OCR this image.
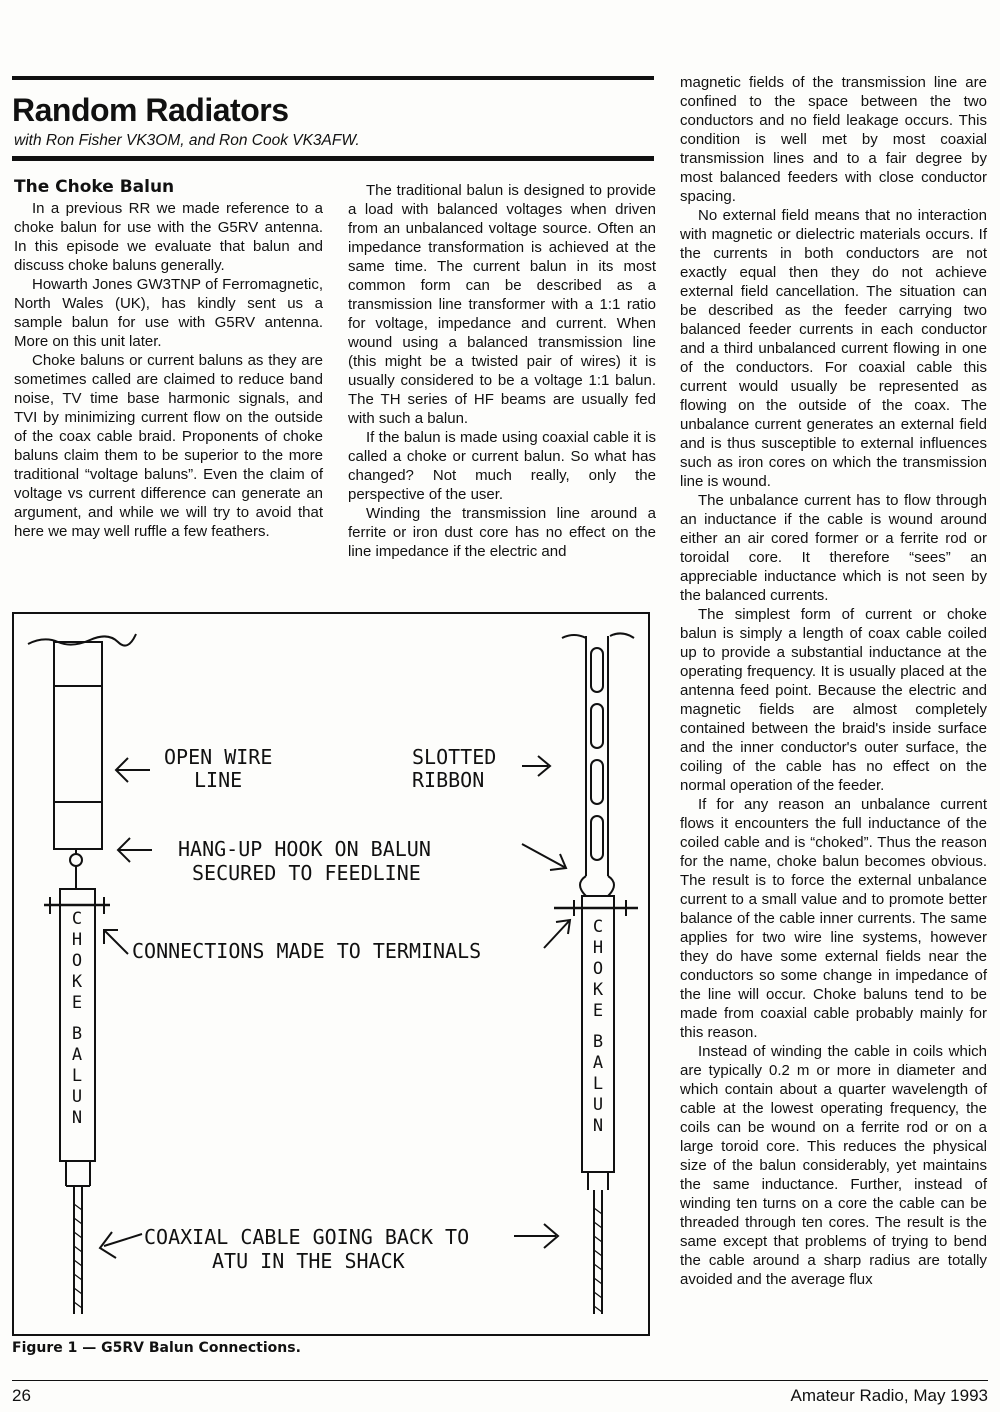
Random Radiators
with Ron Fisher VK3OM, and Ron Cook VK3AFW.
The Choke Balun

In a previous RR we made reference to a choke balun for use with the G5RV antenna. In this episode we evaluate that balun and discuss choke baluns generally.

Howarth Jones GW3TNP of Ferromagnetic, North Wales (UK), has kindly sent us a sample balun for use with G5RV antenna. More on this unit later.

Choke baluns or current baluns as they are sometimes called are claimed to reduce band noise, TV time base harmonic signals, and TVI by minimizing current flow on the outside of the coax cable braid. Proponents of choke baluns claim them to be superior to the more traditional “voltage baluns”. Even the claim of voltage vs current difference can generate an argument, and while we will try to avoid that here we may well ruffle a few feathers.

The traditional balun is designed to provide a load with balanced voltages when driven from an unbalanced voltage source. Often an impedance transformation is achieved at the same time. The current balun in its most common form can be described as a transmission line transformer with a 1:1 ratio for voltage, impedance and current. When wound using a balanced transmission line (this might be a twisted pair of wires) it is usually considered to be a voltage 1:1 balun. The TH series of HF beams are usually fed with such a balun.

If the balun is made using coaxial cable it is called a choke or current balun. So what has changed? Not much really, only the perspective of the user.

Winding the transmission line around a ferrite or iron dust core has no effect on the line impedance if the electric and

magnetic fields of the transmission line are confined to the space between the two conductors and no field leakage occurs. This condition is well met by most coaxial transmission lines and to a fair degree by most balanced feeders with close conductor spacing.

No external field means that no interaction with magnetic or dielectric materials occurs. If the currents in both conductors are not exactly equal then they do not achieve external field cancellation. The situation can be described as the feeder carrying two balanced feeder currents in each conductor and a third unbalanced current flowing in one of the conductors. For coaxial cable this current would usually be represented as flowing on the outside of the coax. The unbalance current generates an external field and is thus susceptible to external influences such as iron cores on which the transmission line is wound.

The unbalance current has to flow through an inductance if the cable is wound around either an air cored former or a ferrite rod or toroidal core. It therefore “sees” an appreciable inductance which is not seen by the balanced currents.

The simplest form of current or choke balun is simply a length of coax cable coiled up to provide a substantial inductance at the operating frequency. It is usually placed at the antenna feed point. Because the electric and magnetic fields are almost completely contained between the braid's inside surface and the inner conductor's outer surface, the coiling of the cable has no effect on the normal operation of the feeder.

If for any reason an unbalance current flows it encounters the full inductance of the coiled cable and is “choked”. Thus the reason for the name, choke balun becomes obvious. The result is to force the external unbalance current to a small value and to promote better balance of the cable inner currents. The same applies for two wire line systems, however they do have some external fields near the conductors so some change in impedance of the line will occur. Choke baluns tend to be made from coaxial cable probably mainly for this reason.

Instead of winding the cable in coils which are typically 0.2 m or more in diameter and which contain about a quarter wavelength of cable at the lowest operating frequency, the coils can be wound on a ferrite rod or on a large toroid core. This reduces the physical size of the balun considerably, yet maintains the same inductance. Further, instead of winding ten turns on a core the cable can be threaded through ten cores. The result is the same except that problems of trying to bend the cable around a sharp radius are totally avoided and the average flux

OPEN WIRE
LINE
SLOTTED
RIBBON
HANG-UP HOOK ON BALUN
SECURED TO FEEDLINE
CONNECTIONS MADE TO TERMINALS
COAXIAL CABLE GOING BACK TO
ATU IN THE SHACK
C
H
O
K
E
B
A
L
U
N
C
H
O
K
E
B
A
L
U
N
Figure 1 — G5RV Balun Connections.
26	Amateur Radio, May 1993
